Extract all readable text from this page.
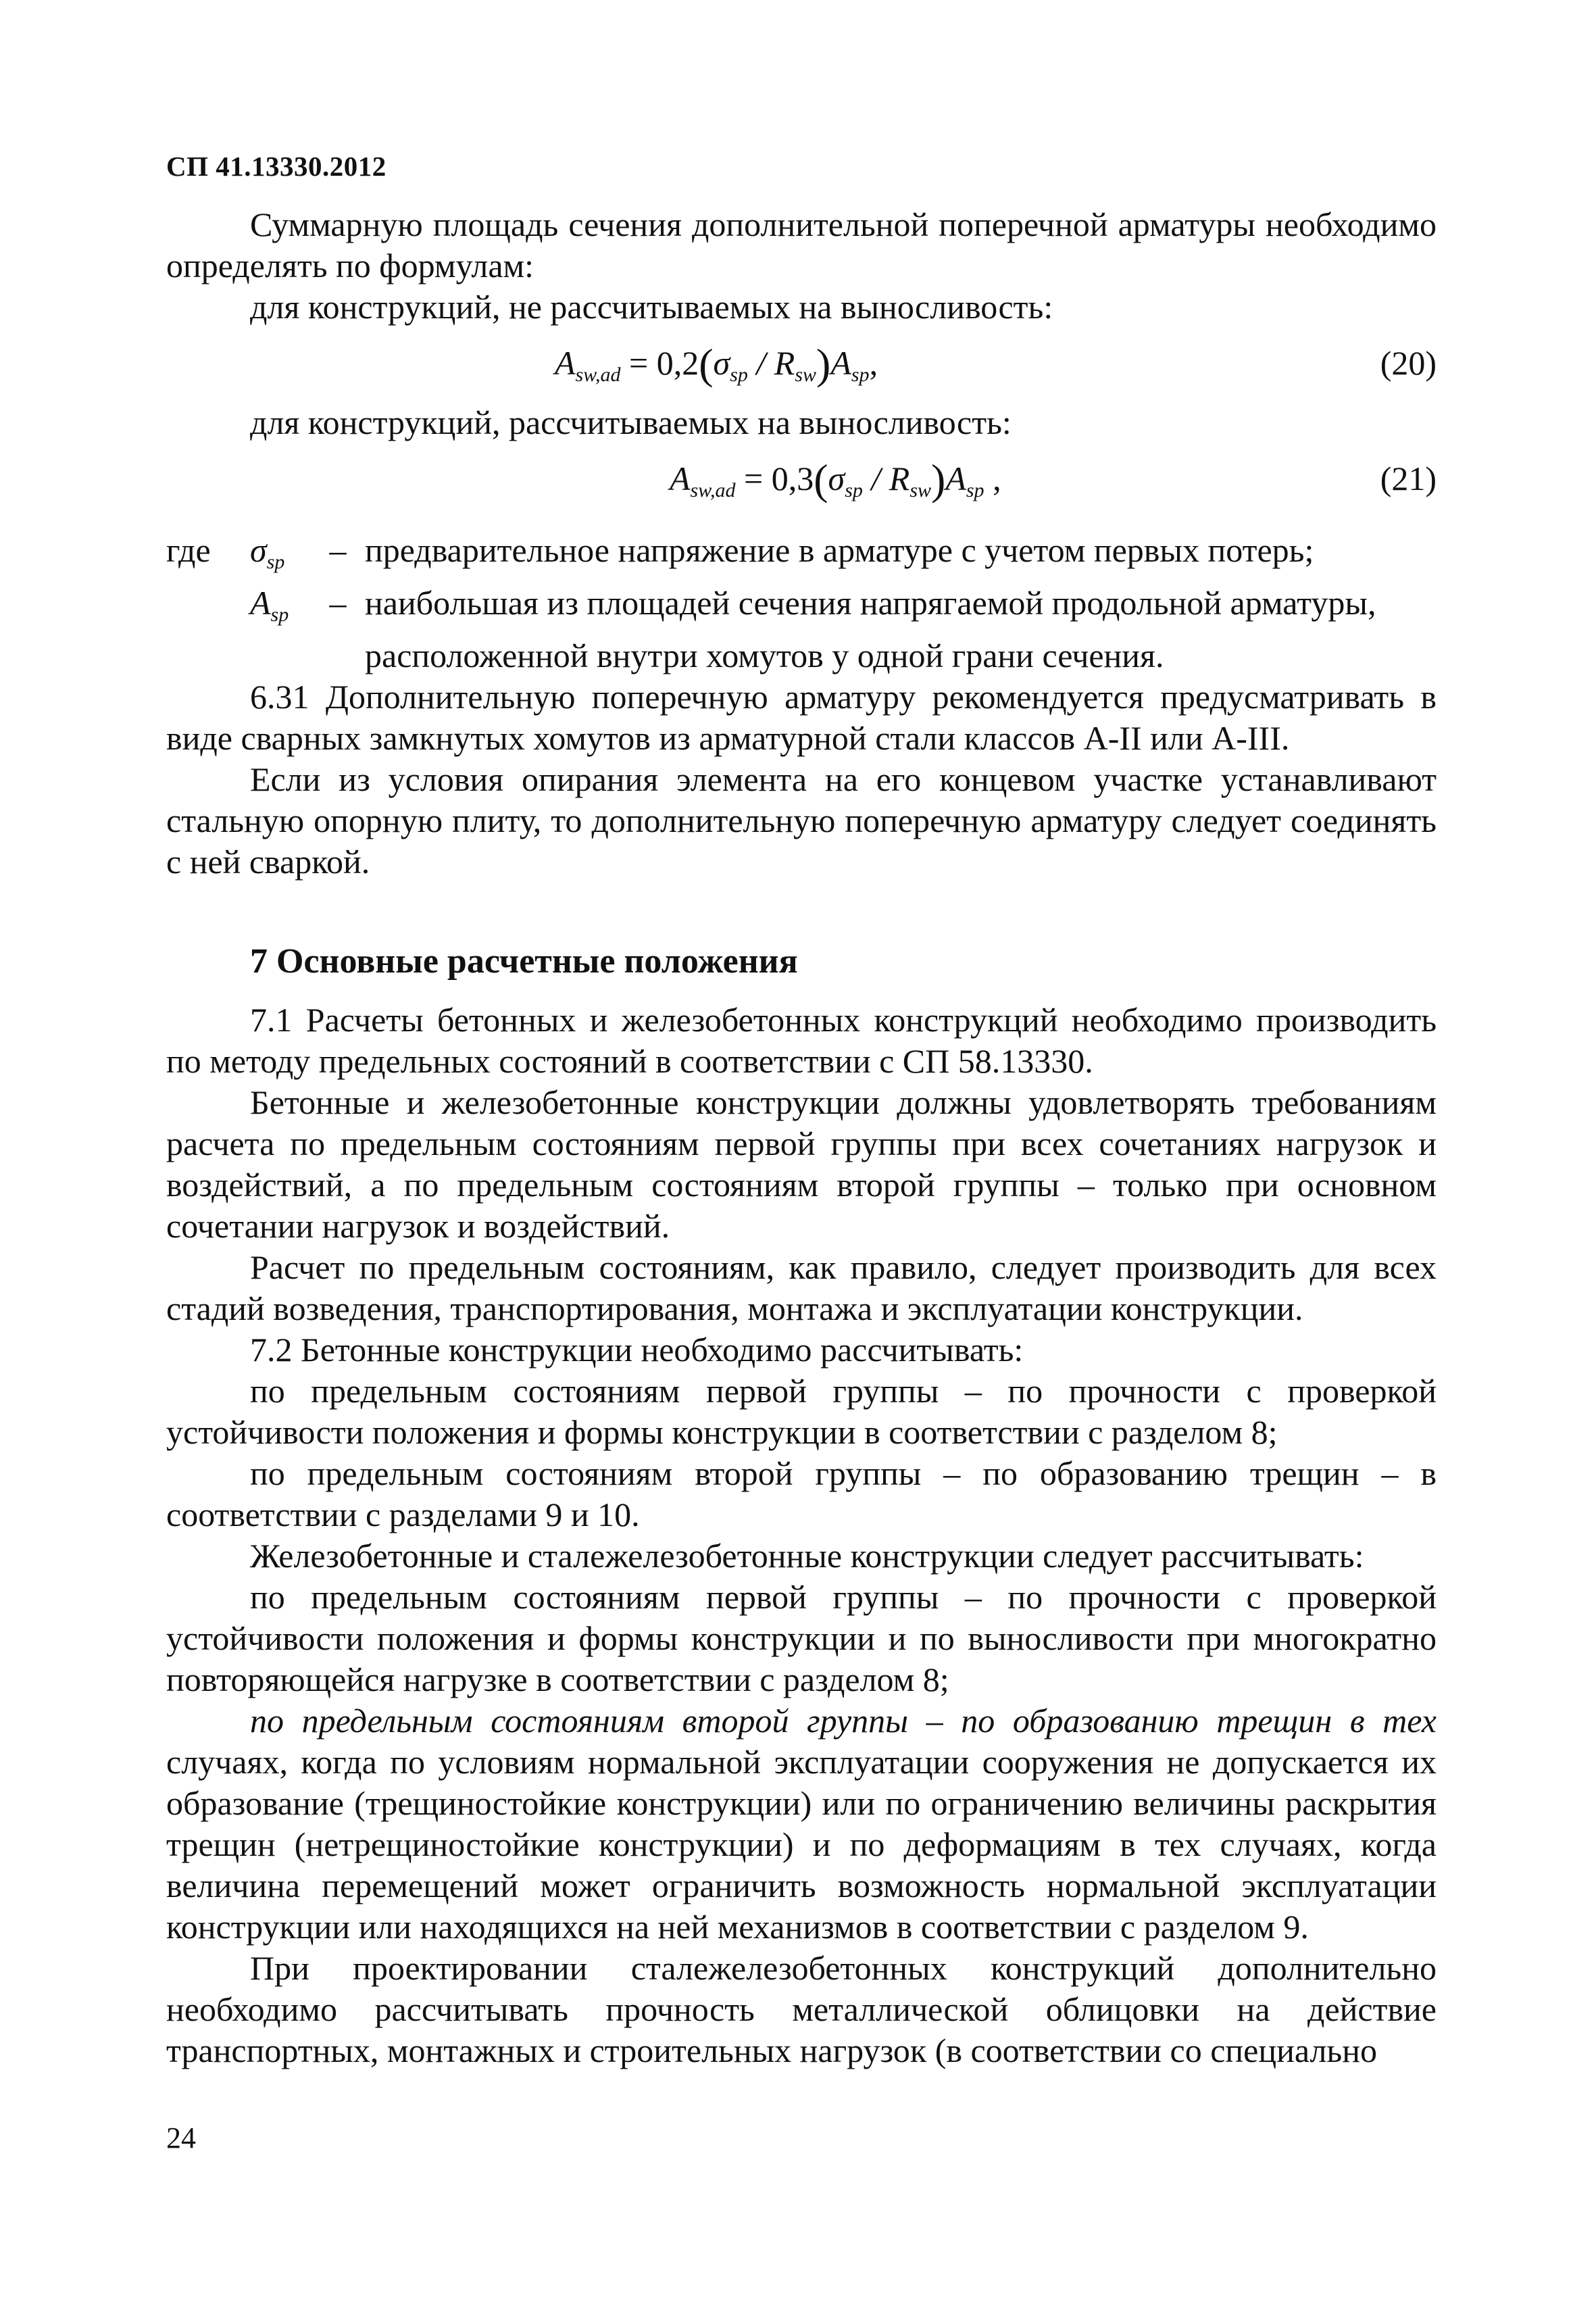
СП 41.13330.2012

Суммарную площадь сечения дополнительной поперечной арматуры необходимо определять по формулам:

для конструкций, не рассчитываемых на выносливость:

$A_{sw,ad} = 0,2(\sigma_{sp} / R_{sw})A_{sp}$,	(20)

для конструкций, рассчитываемых на выносливость:

$A_{sw,ad} = 0,3(\sigma_{sp} / R_{sw})A_{sp}$ ,	(21)
где	$\sigma_{sp}$	– предварительное напряжение в арматуре с учетом первых потерь;
$A_{sp}$	– наибольшая из площадей сечения напрягаемой продольной арматуры,

расположенной внутри хомутов у одной грани сечения.

6.31 Дополнительную поперечную арматуру рекомендуется предусматривать в виде сварных замкнутых хомутов из арматурной стали классов А-II или А-III.

Если из условия опирания элемента на его концевом участке устанавливают стальную опорную плиту, то дополнительную поперечную арматуру следует соединять с ней сваркой.

7 Основные расчетные положения

7.1 Расчеты бетонных и железобетонных конструкций необходимо производить по методу предельных состояний в соответствии с СП 58.13330.

Бетонные и железобетонные конструкции должны удовлетворять требованиям расчета по предельным состояниям первой группы при всех сочетаниях нагрузок и воздействий, а по предельным состояниям второй группы – только при основном сочетании нагрузок и воздействий.

Расчет по предельным состояниям, как правило, следует производить для всех стадий возведения, транспортирования, монтажа и эксплуатации конструкции.

7.2 Бетонные конструкции необходимо рассчитывать:

по предельным состояниям первой группы – по прочности с проверкой устойчивости положения и формы конструкции в соответствии с разделом 8;

по предельным состояниям второй группы – по образованию трещин – в соответствии с разделами 9 и 10.

Железобетонные и сталежелезобетонные конструкции следует рассчитывать:

по предельным состояниям первой группы – по прочности с проверкой устойчивости положения и формы конструкции и по выносливости при многократно повторяющейся нагрузке в соответствии с разделом 8;

по предельным состояниям второй группы – по образованию трещин в тех случаях, когда по условиям нормальной эксплуатации сооружения не допускается их образование (трещиностойкие конструкции) или по ограничению величины раскрытия трещин (нетрещиностойкие конструкции) и по деформациям в тех случаях, когда величина перемещений может ограничить возможность нормальной эксплуатации конструкции или находящихся на ней механизмов в соответствии с разделом 9.

При проектировании сталежелезобетонных конструкций дополнительно необходимо рассчитывать прочность металлической облицовки на действие транспортных, монтажных и строительных нагрузок (в соответствии со специально

24
